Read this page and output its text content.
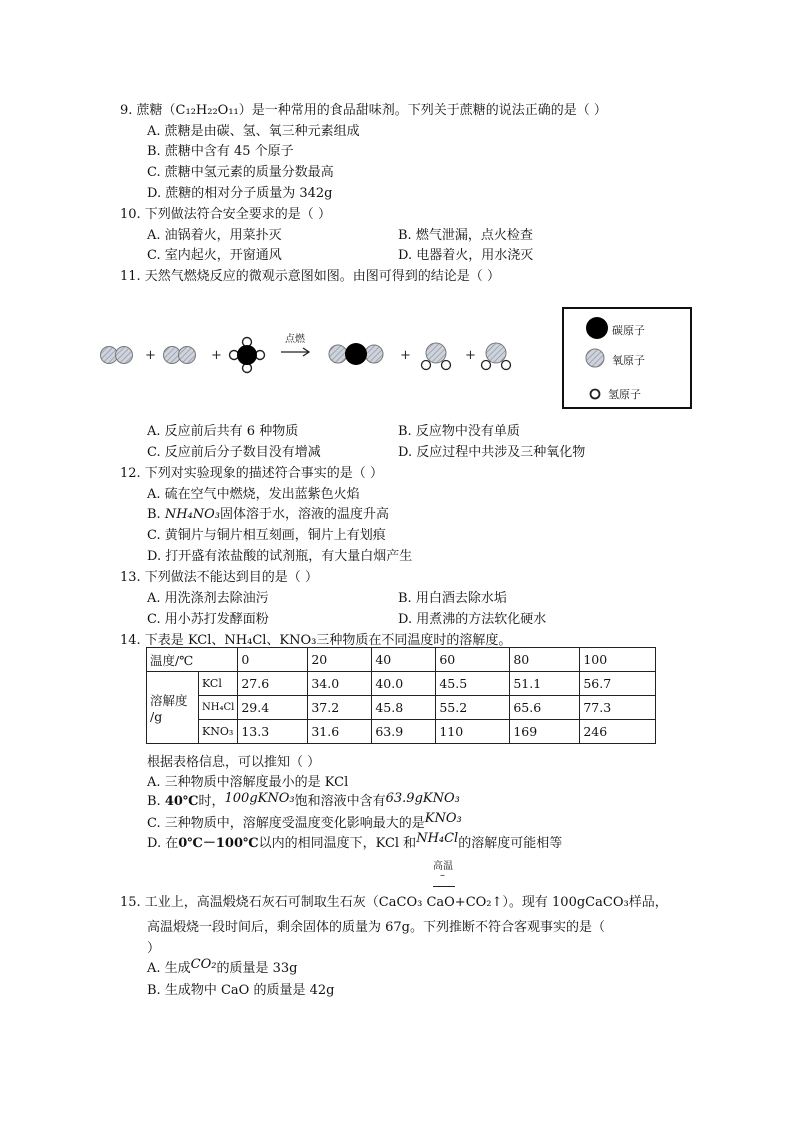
9. 蔗糖（C₁₂H₂₂O₁₁）是一种常用的食品甜味剂。下列关于蔗糖的说法正确的是（ ）
A. 蔗糖是由碳、氢、氧三种元素组成
B. 蔗糖中含有 45 个原子
C. 蔗糖中氢元素的质量分数最高
D. 蔗糖的相对分子质量为 342g
10. 下列做法符合安全要求的是（ ）
A. 油锅着火，用菜扑灭	B. 燃气泄漏，点火检查
C. 室内起火，开窗通风	D. 电器着火，用水浇灭
11. 天然气燃烧反应的微观示意图如图。由图可得到的结论是（ ）
+	+
点燃
+	+
碳原子
氧原子
氢原子
A. 反应前后共有 6 种物质	B. 反应物中没有单质
C. 反应前后分子数目没有增减	D. 反应过程中共涉及三种氧化物
12. 下列对实验现象的描述符合事实的是（ ）
A. 硫在空气中燃烧，发出蓝紫色火焰
B. NH₄NO₃固体溶于水，溶液的温度升高
C. 黄铜片与铜片相互刻画，铜片上有划痕
D. 打开盛有浓盐酸的试剂瓶，有大量白烟产生
13. 下列做法不能达到目的是（ ）
A. 用洗涤剂去除油污	B. 用白酒去除水垢
C. 用小苏打发酵面粉	D. 用煮沸的方法软化硬水
14. 下表是 KCl、NH₄Cl、KNO₃三种物质在不同温度时的溶解度。
温度/℃		0	20	40	60	80	100
溶解度
/g	KCl	27.6	34.0	40.0	45.5	51.1	56.7
	NH₄Cl	29.4	37.2	45.8	55.2	65.6	77.3
	KNO₃	13.3	31.6	63.9	110	169	246
根据表格信息，可以推知（ ）
A. 三种物质中溶解度最小的是 KCl
B. 40℃时，100gKNO₃饱和溶液中含有63.9gKNO₃
C. 三种物质中，溶解度受温度变化影响最大的是KNO₃
D. 在0℃－100℃以内的相同温度下，KCl 和NH₄Cl的溶解度可能相等
高温
–
15. 工业上，高温煅烧石灰石可制取生石灰（CaCO₃ CaO+CO₂↑）。现有 100gCaCO₃样品，
高温煅烧一段时间后，剩余固体的质量为 67g。下列推断不符合客观事实的是（
）
A. 生成CO₂的质量是 33g
B. 生成物中 CaO 的质量是 42g
